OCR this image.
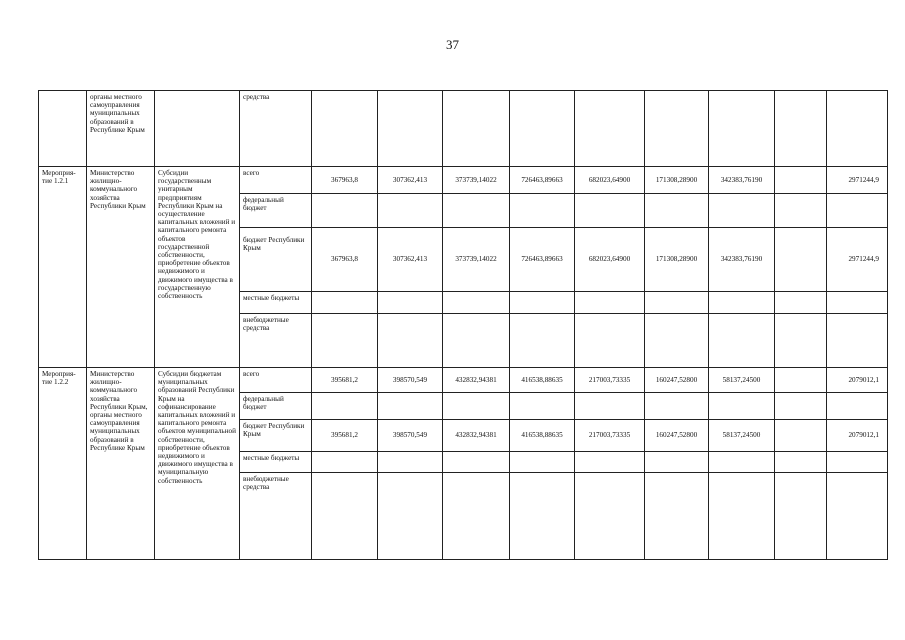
37
	органы местного самоуправления муниципальных образований в Республике Крым		средства									
Мероприя-тие 1.2.1	Министерство жилищно-коммунального хозяйства Республики Крым	Субсидии государственным унитарным предприятиям Республики Крым на осуществление капитальных вложений и капитального ремонта объектов государственной собственности, приобретение объектов недвижимого и движимого имущества в государственную собственность	всего	367963,8	307362,413	373739,14022	726463,89663	682023,64900	171308,28900	342383,76190		2971244,9
			федеральный бюджет									
			бюджет Республики Крым	367963,8	307362,413	373739,14022	726463,89663	682023,64900	171308,28900	342383,76190		2971244,9
			местные бюджеты									
			внебюджетные средства									
Мероприя-тие 1.2.2	Министерство жилищно-коммунального хозяйства Республики Крым, органы местного самоуправления муниципальных образований в Республике Крым	Субсидии бюджетам муниципальных образований Республики Крым на софинансирование капитальных вложений и капитального ремонта объектов муниципальной собственности, приобретение объектов недвижимого и движимого имущества в муниципальную собственность	всего	395681,2	398570,549	432832,94381	416538,88635	217003,73335	160247,52800	58137,24500		2079012,1
			федеральный бюджет									
			бюджет Республики Крым	395681,2	398570,549	432832,94381	416538,88635	217003,73335	160247,52800	58137,24500		2079012,1
			местные бюджеты									
			внебюджетные средства									
